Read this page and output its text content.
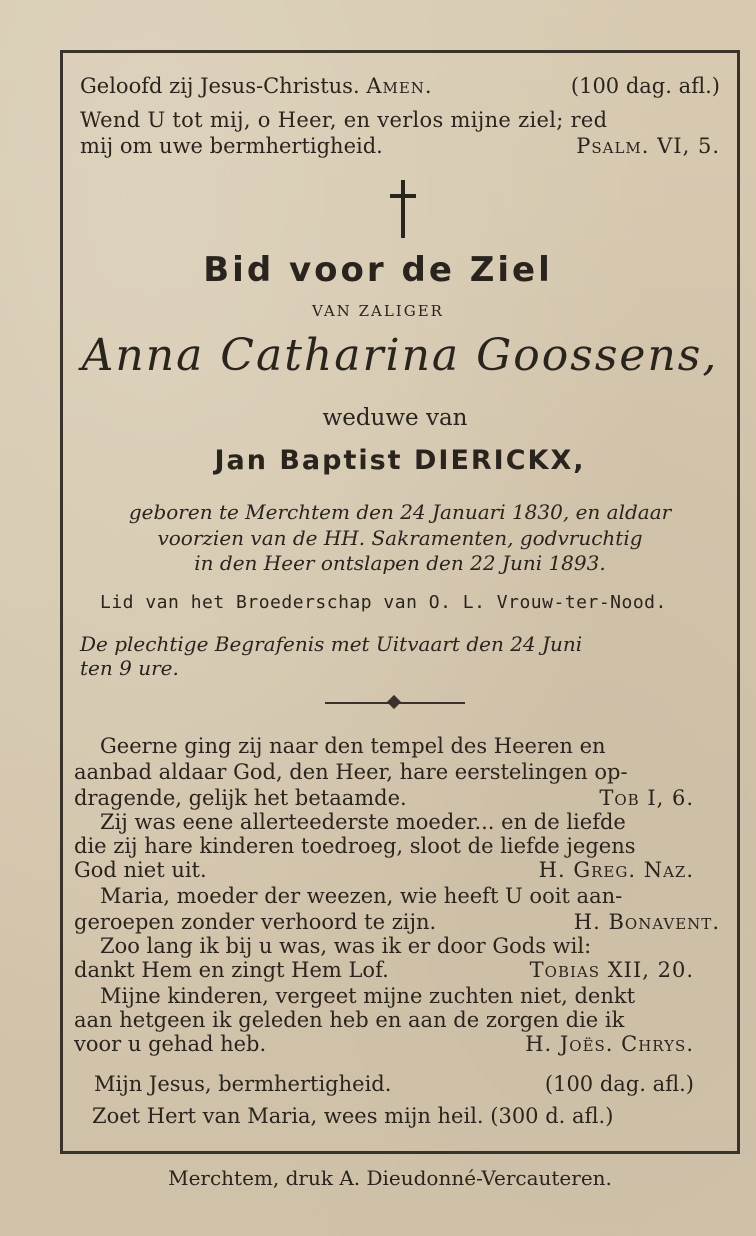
Geloofd zij Jesus-Christus. Amen.	(100 dag. afl.)
Wend U tot mij, o Heer, en verlos mijne ziel; red
mij om uwe bermhertigheid.	Psalm. VI, 5.
Bid voor de Ziel
VAN ZALIGER
Anna Catharina Goossens,
weduwe van
Jan Baptist DIERICKX,
geboren te Merchtem den 24 Januari 1830, en aldaar
voorzien van de HH. Sakramenten, godvruchtig
in den Heer ontslapen den 22 Juni 1893.
Lid van het Broederschap van O. L. Vrouw-ter-Nood.
De plechtige Begrafenis met Uitvaart den 24 Juni
ten 9 ure.
Geerne ging zij naar den tempel des Heeren en
aanbad aldaar God, den Heer, hare eerstelingen op-
dragende, gelijk het betaamde.	Tob I, 6.
Zij was eene allerteederste moeder... en de liefde
die zij hare kinderen toedroeg, sloot de liefde jegens
God niet uit.	H. Greg. Naz.
Maria, moeder der weezen, wie heeft U ooit aan-
geroepen zonder verhoord te zijn.	H. Bonavent.
Zoo lang ik bij u was, was ik er door Gods wil:
dankt Hem en zingt Hem Lof.	Tobias XII, 20.
Mijne kinderen, vergeet mijne zuchten niet, denkt
aan hetgeen ik geleden heb en aan de zorgen die ik
voor u gehad heb.	H. Joës. Chrys.
Mijn Jesus, bermhertigheid.	(100 dag. afl.)
Zoet Hert van Maria, wees mijn heil. (300 d. afl.)
Merchtem, druk A. Dieudonné-Vercauteren.
